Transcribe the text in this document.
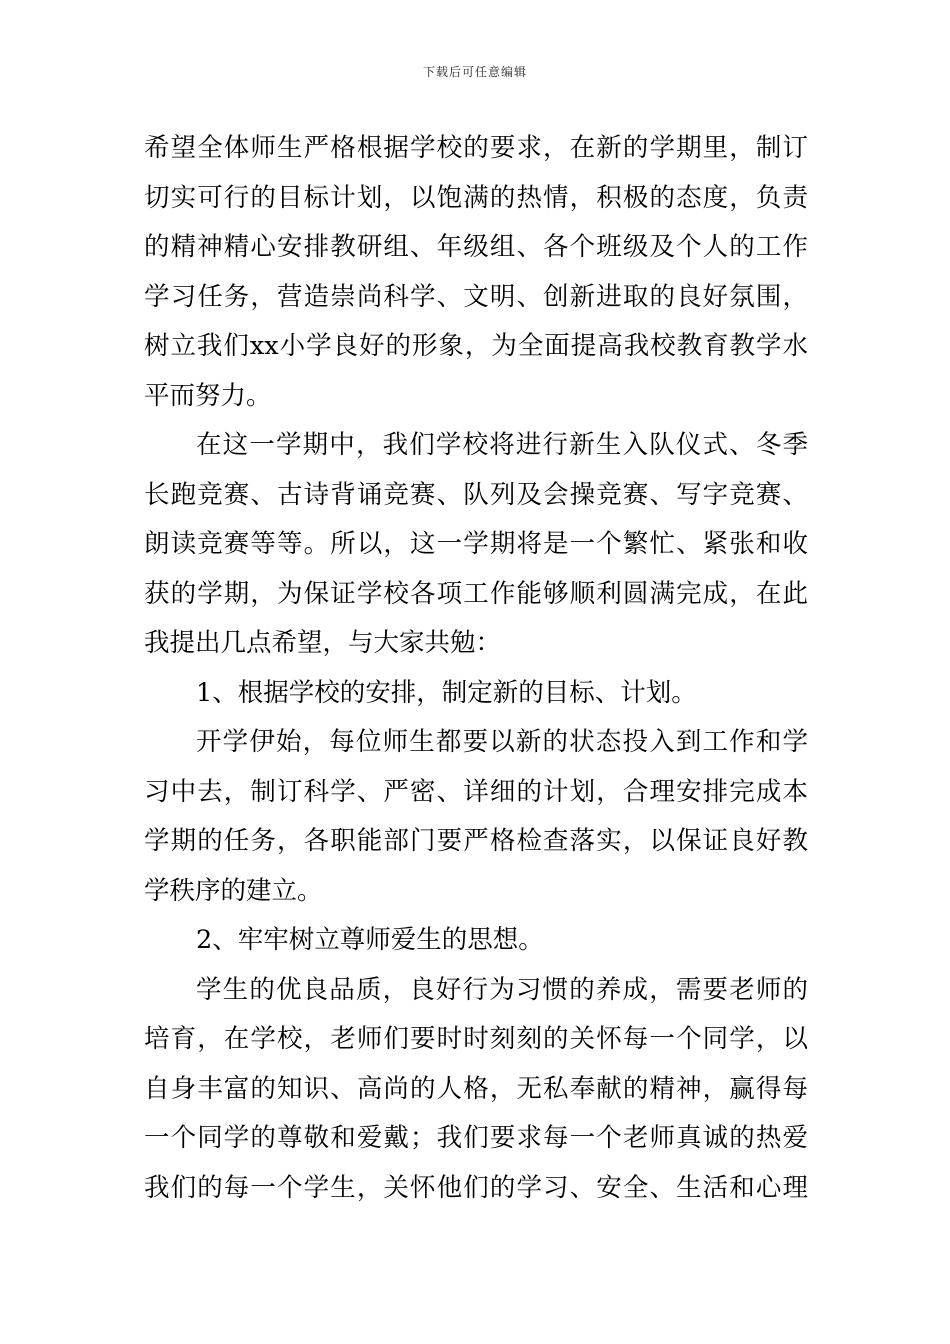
下载后可任意编辑
希望全体师生严格根据学校的要求，在新的学期里，制订
切实可行的目标计划，以饱满的热情，积极的态度，负责
的精神精心安排教研组、年级组、各个班级及个人的工作
学习任务，营造崇尚科学、文明、创新进取的良好氛围，
树立我们xx小学良好的形象，为全面提高我校教育教学水
平而努力。
在这一学期中，我们学校将进行新生入队仪式、冬季
长跑竞赛、古诗背诵竞赛、队列及会操竞赛、写字竞赛、
朗读竞赛等等。所以，这一学期将是一个繁忙、紧张和收
获的学期，为保证学校各项工作能够顺利圆满完成，在此
我提出几点希望，与大家共勉：
1、根据学校的安排，制定新的目标、计划。
开学伊始，每位师生都要以新的状态投入到工作和学
习中去，制订科学、严密、详细的计划，合理安排完成本
学期的任务，各职能部门要严格检查落实，以保证良好教
学秩序的建立。
2、牢牢树立尊师爱生的思想。
学生的优良品质，良好行为习惯的养成，需要老师的
培育，在学校，老师们要时时刻刻的关怀每一个同学，以
自身丰富的知识、高尚的人格，无私奉献的精神，赢得每
一个同学的尊敬和爱戴；我们要求每一个老师真诚的热爱
我们的每一个学生，关怀他们的学习、安全、生活和心理
